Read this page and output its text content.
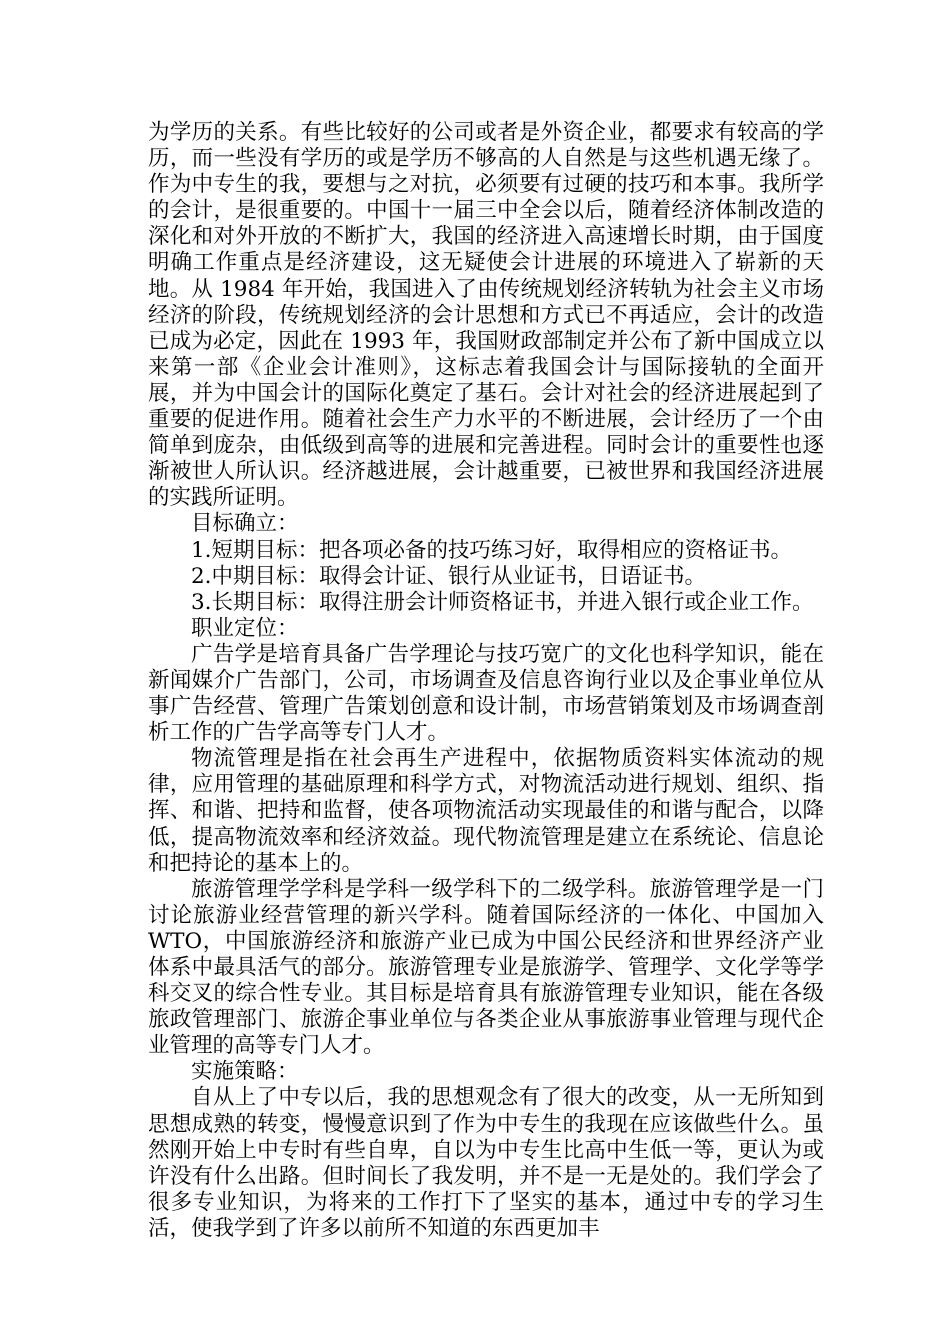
为学历的关系。有些比较好的公司或者是外资企业，都要求有较高的学历，而一些没有学历的或是学历不够高的人自然是与这些机遇无缘了。作为中专生的我，要想与之对抗，必须要有过硬的技巧和本事。我所学的会计，是很重要的。中国十一届三中全会以后，随着经济体制改造的深化和对外开放的不断扩大，我国的经济进入高速增长时期，由于国度明确工作重点是经济建设，这无疑使会计进展的环境进入了崭新的天地。从 1984 年开始，我国进入了由传统规划经济转轨为社会主义市场经济的阶段，传统规划经济的会计思想和方式已不再适应，会计的改造已成为必定，因此在 1993 年，我国财政部制定并公布了新中国成立以来第一部《企业会计准则》，这标志着我国会计与国际接轨的全面开展，并为中国会计的国际化奠定了基石。会计对社会的经济进展起到了重要的促进作用。随着社会生产力水平的不断进展，会计经历了一个由简单到庞杂，由低级到高等的进展和完善进程。同时会计的重要性也逐渐被世人所认识。经济越进展，会计越重要，已被世界和我国经济进展的实践所证明。

目标确立：

1.短期目标：把各项必备的技巧练习好，取得相应的资格证书。

2.中期目标：取得会计证、银行从业证书，日语证书。

3.长期目标：取得注册会计师资格证书，并进入银行或企业工作。

职业定位：

广告学是培育具备广告学理论与技巧宽广的文化也科学知识，能在新闻媒介广告部门，公司，市场调查及信息咨询行业以及企事业单位从事广告经营、管理广告策划创意和设计制，市场营销策划及市场调查剖析工作的广告学高等专门人才。

物流管理是指在社会再生产进程中，依据物质资料实体流动的规律，应用管理的基础原理和科学方式，对物流活动进行规划、组织、指挥、和谐、把持和监督，使各项物流活动实现最佳的和谐与配合，以降低，提高物流效率和经济效益。现代物流管理是建立在系统论、信息论和把持论的基本上的。

旅游管理学学科是学科一级学科下的二级学科。旅游管理学是一门讨论旅游业经营管理的新兴学科。随着国际经济的一体化、中国加入 WTO，中国旅游经济和旅游产业已成为中国公民经济和世界经济产业体系中最具活气的部分。旅游管理专业是旅游学、管理学、文化学等学科交叉的综合性专业。其目标是培育具有旅游管理专业知识，能在各级旅政管理部门、旅游企事业单位与各类企业从事旅游事业管理与现代企业管理的高等专门人才。

实施策略：

自从上了中专以后，我的思想观念有了很大的改变，从一无所知到思想成熟的转变，慢慢意识到了作为中专生的我现在应该做些什么。虽然刚开始上中专时有些自卑，自以为中专生比高中生低一等，更认为或许没有什么出路。但时间长了我发明，并不是一无是处的。我们学会了很多专业知识，为将来的工作打下了坚实的基本，通过中专的学习生活，使我学到了许多以前所不知道的东西更加丰
